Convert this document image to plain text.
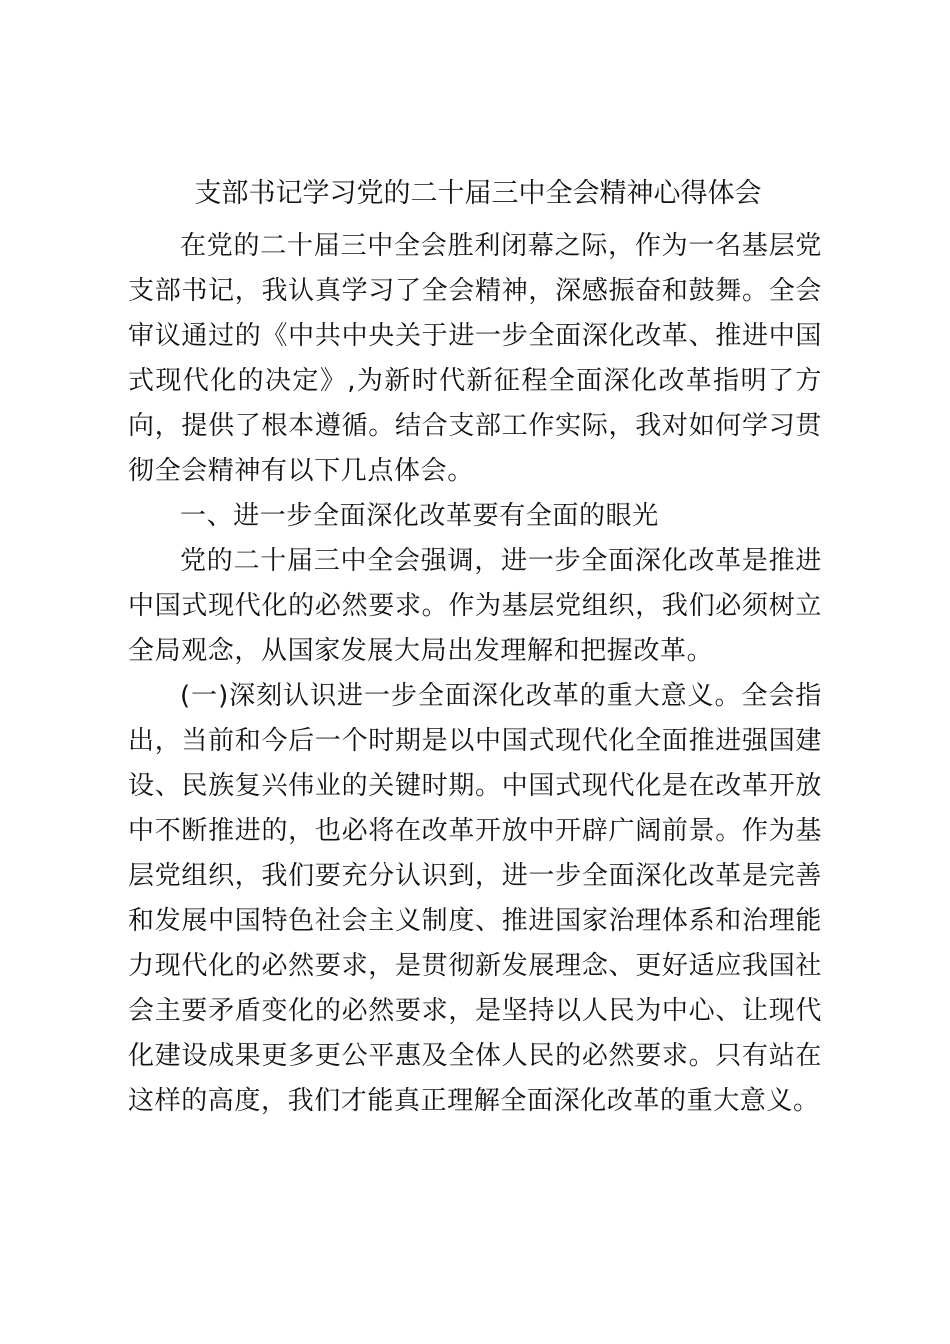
支部书记学习党的二十届三中全会精神心得体会

在党的二十届三中全会胜利闭幕之际，作为一名基层党支部书记，我认真学习了全会精神，深感振奋和鼓舞。全会审议通过的《中共中央关于进一步全面深化改革、推进中国式现代化的决定》,为新时代新征程全面深化改革指明了方向，提供了根本遵循。结合支部工作实际，我对如何学习贯彻全会精神有以下几点体会。

一、进一步全面深化改革要有全面的眼光

党的二十届三中全会强调，进一步全面深化改革是推进中国式现代化的必然要求。作为基层党组织，我们必须树立全局观念，从国家发展大局出发理解和把握改革。

(一)深刻认识进一步全面深化改革的重大意义。全会指出，当前和今后一个时期是以中国式现代化全面推进强国建设、民族复兴伟业的关键时期。中国式现代化是在改革开放中不断推进的，也必将在改革开放中开辟广阔前景。作为基层党组织，我们要充分认识到，进一步全面深化改革是完善和发展中国特色社会主义制度、推进国家治理体系和治理能力现代化的必然要求，是贯彻新发展理念、更好适应我国社会主要矛盾变化的必然要求，是坚持以人民为中心、让现代化建设成果更多更公平惠及全体人民的必然要求。只有站在这样的高度，我们才能真正理解全面深化改革的重大意义。
